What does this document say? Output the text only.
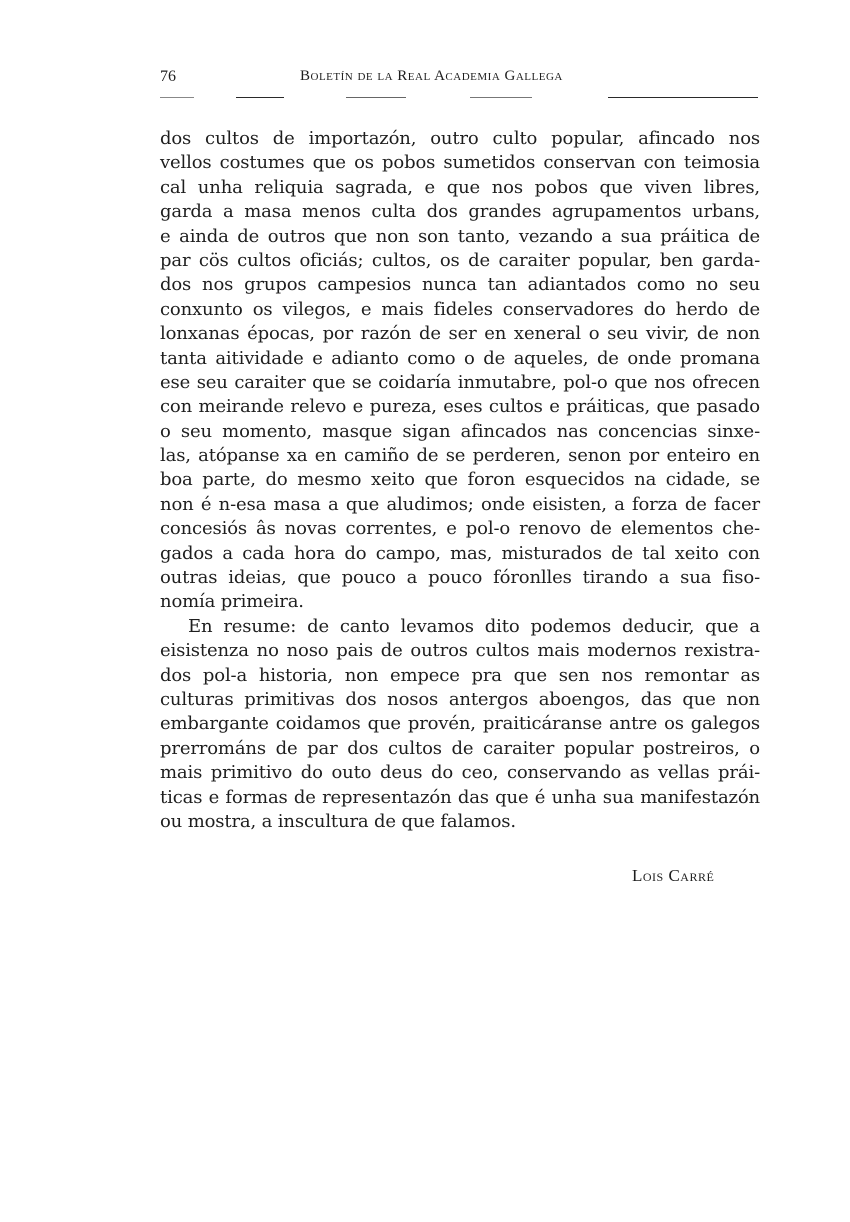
76	Boletín de la Real Academia Gallega
dos cultos de importazón, outro culto popular, afincado nos
vellos costumes que os pobos sumetidos conservan con teimosia
cal unha reliquia sagrada, e que nos pobos que viven libres,
garda a masa menos culta dos grandes agrupamentos urbans,
e ainda de outros que non son tanto, vezando a sua práitica de
par cös cultos oficiás; cultos, os de caraiter popular, ben garda-
dos nos grupos campesios nunca tan adiantados como no seu
conxunto os vilegos, e mais fideles conservadores do herdo de
lonxanas épocas, por razón de ser en xeneral o seu vivir, de non
tanta aitividade e adianto como o de aqueles, de onde promana
ese seu caraiter que se coidaría inmutabre, pol-o que nos ofrecen
con meirande relevo e pureza, eses cultos e práiticas, que pasado
o seu momento, masque sigan afincados nas concencias sinxe-
las, atópanse xa en camiño de se perderen, senon por enteiro en
boa parte, do mesmo xeito que foron esquecidos na cidade, se
non é n-esa masa a que aludimos; onde eisisten, a forza de facer
concesiós âs novas correntes, e pol-o renovo de elementos che-
gados a cada hora do campo, mas, misturados de tal xeito con
outras ideias, que pouco a pouco fóronlles tirando a sua fiso-
nomía primeira.
En resume: de canto levamos dito podemos deducir, que a
eisistenza no noso pais de outros cultos mais modernos rexistra-
dos pol-a historia, non empece pra que sen nos remontar as
culturas primitivas dos nosos antergos aboengos, das que non
embargante coidamos que provén, praiticáranse antre os galegos
prerrománs de par dos cultos de caraiter popular postreiros, o
mais primitivo do outo deus do ceo, conservando as vellas prái-
ticas e formas de representazón das que é unha sua manifestazón
ou mostra, a inscultura de que falamos.
Lois Carré
